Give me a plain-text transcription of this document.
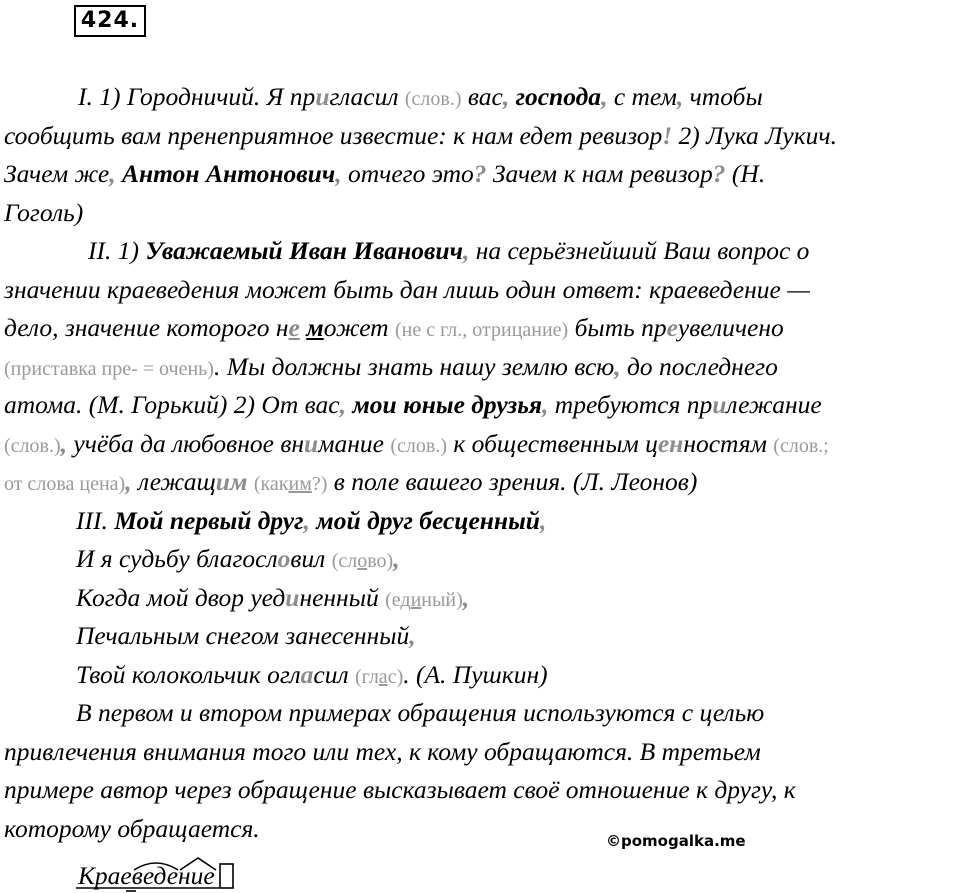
424.
I. 1) Городничий. Я пригласил (слов.) вас, господа, с тем, чтобы
сообщить вам пренеприятное известие: к нам едет ревизор! 2) Лука Лукич.
Зачем же, Антон Антонович, отчего это? Зачем к нам ревизор? (Н.
Гоголь)
II. 1) Уважаемый Иван Иванович, на серьёзнейший Ваш вопрос о
значении краеведения может быть дан лишь один ответ: краеведение —
дело, значение которого не может (не с гл., отрицание) быть преувеличено
(приставка пре- = очень). Мы должны знать нашу землю всю, до последнего
атома. (М. Горький) 2) От вас, мои юные друзья, требуются прилежание
(слов.), учёба да любовное внимание (слов.) к общественным ценностям (слов.;
от слова цена), лежащим (каким?) в поле вашего зрения. (Л. Леонов)
III. Мой первый друг, мой друг бесценный,
И я судьбу благословил (слово),
Когда мой двор уединенный (единый),
Печальным снегом занесенный,
Твой колокольчик огласил (глас). (А. Пушкин)
В первом и втором примерах обращения используются с целью
привлечения внимания того или тех, к кому обращаются. В третьем
примере автор через обращение высказывает своё отношение к другу, к
которому обращается.	©pomogalka.me
Краеведение
